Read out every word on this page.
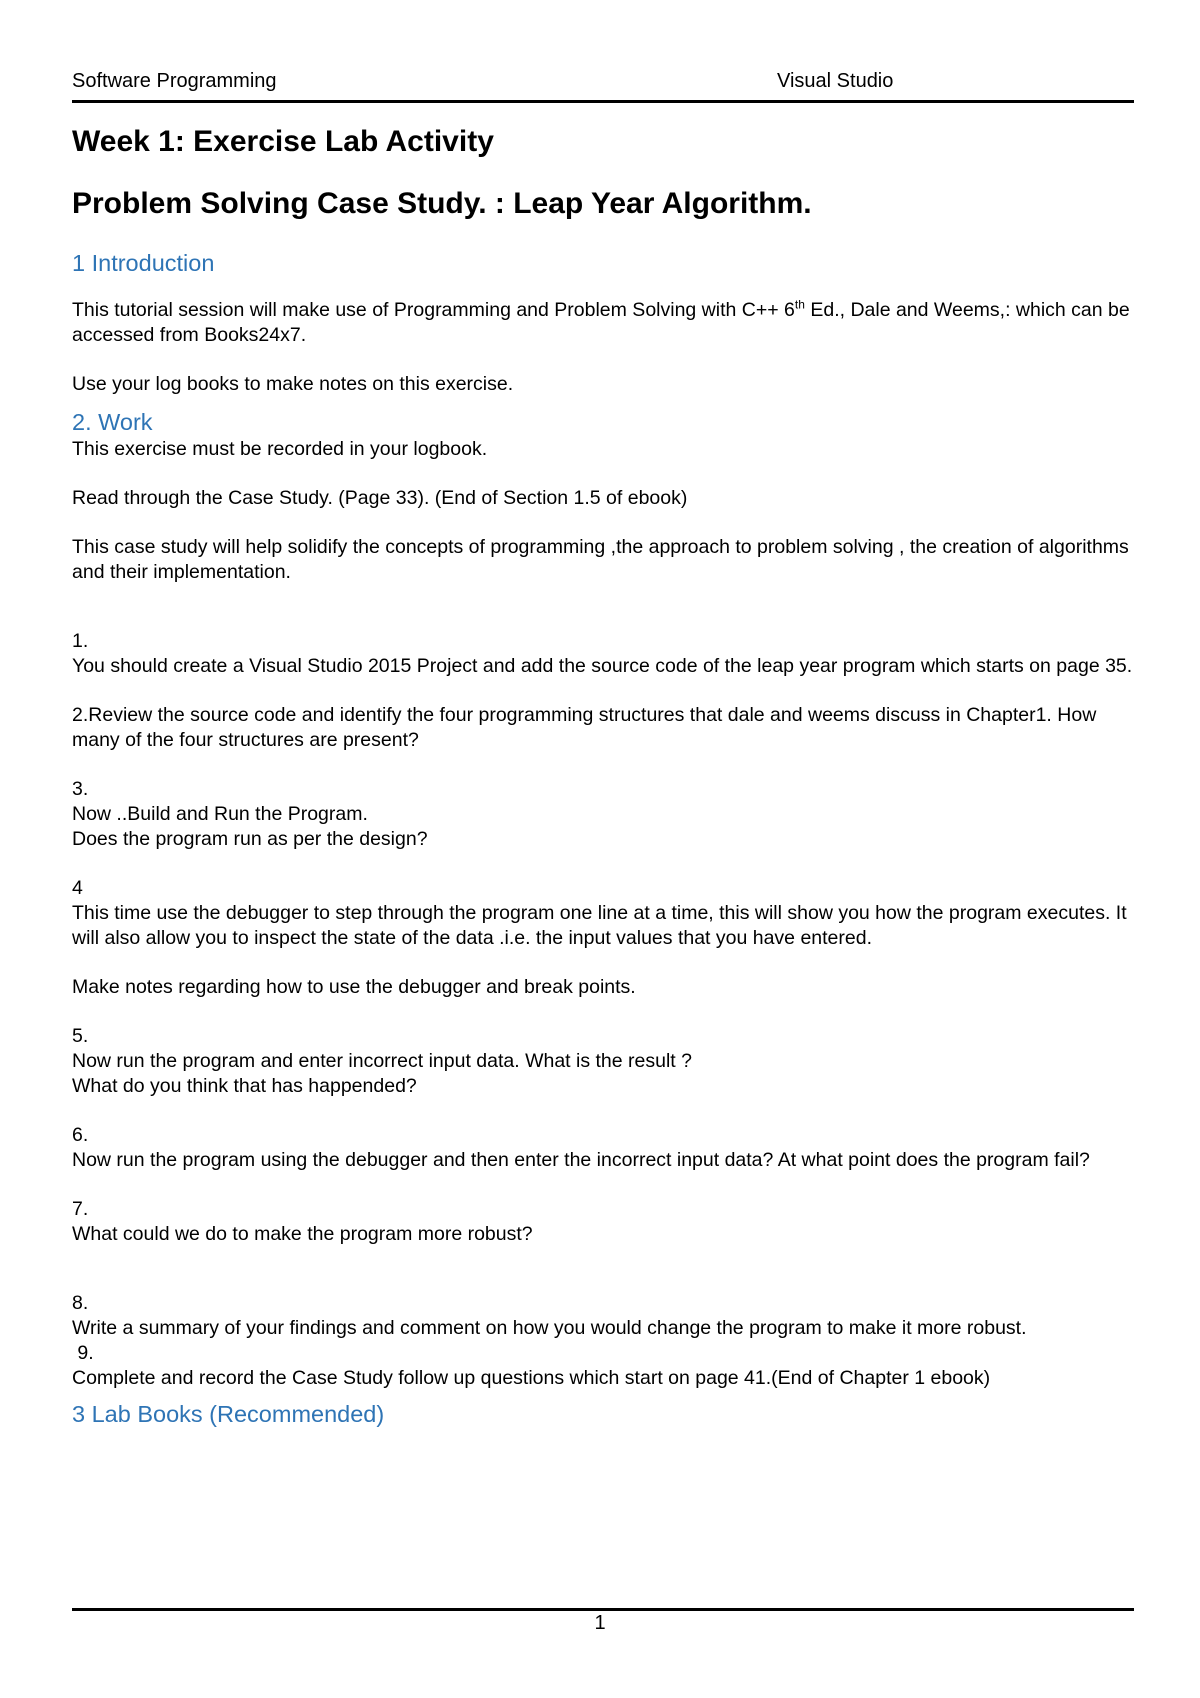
Software Programming	Visual Studio

Week 1: Exercise Lab Activity

Problem Solving Case Study. : Leap Year Algorithm.

1 Introduction

This tutorial session will make use of Programming and Problem Solving with C++ 6th Ed., Dale and Weems,: which can be accessed from Books24x7.

Use your log books to make notes on this exercise.

2. Work

This exercise must be recorded in your logbook.

Read through the Case Study. (Page 33). (End of Section 1.5 of ebook)

This case study will help solidify the concepts of programming ,the approach to problem solving , the creation of algorithms and their implementation.

1.

You should create a Visual Studio 2015 Project and add the source code of the leap year program which starts on page 35.

2.Review the source code and identify the four programming structures that dale and weems discuss in Chapter1. How many of the four structures are present?

3.

Now ..Build and Run the Program.

Does the program run as per the design?

4

This time use the debugger to step through the program one line at a time, this will show you how the program executes. It will also allow you to inspect the state of the data .i.e. the input values that you have entered.

Make notes regarding how to use the debugger and break points.

5.

Now run the program and enter incorrect input data. What is the result ?

What do you think that has happended?

6.

Now run the program using the debugger and then enter the incorrect input data? At what point does the program fail?

7.

What could we do to make the program more robust?

8.

Write a summary of your findings and comment on how you would change the program to make it more robust.

9.

Complete and record the Case Study follow up questions which start on page 41.(End of Chapter 1 ebook)

3 Lab Books (Recommended)

1
